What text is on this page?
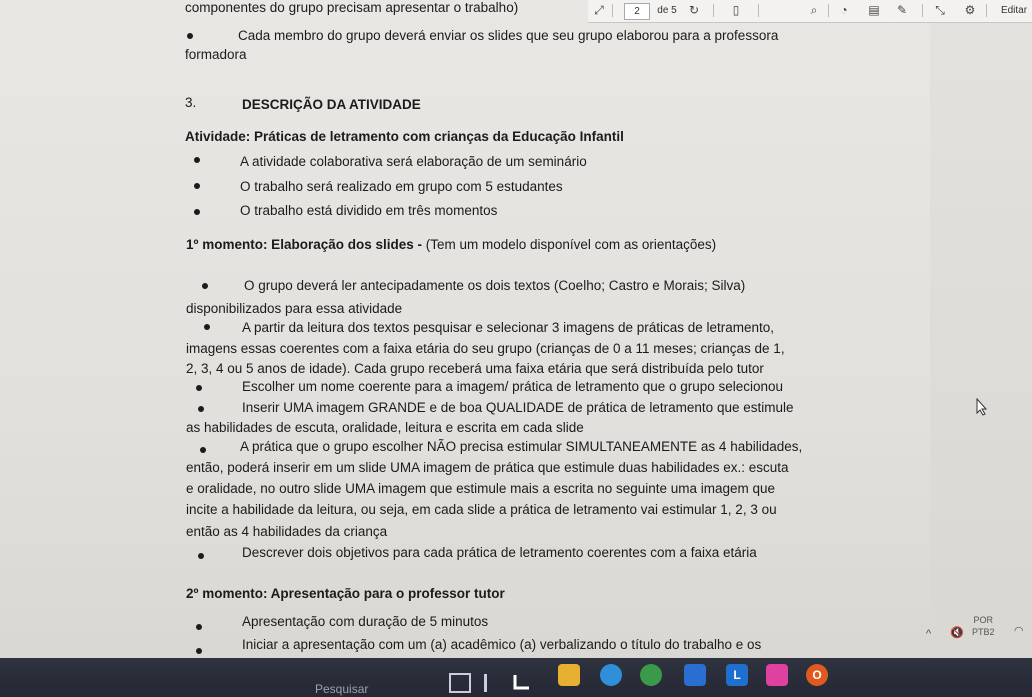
componentes do grupo precisam apresentar o trabalho)
Cada membro do grupo deverá enviar os slides que seu grupo elaborou para a professora
formadora
3.	DESCRIÇÃO DA ATIVIDADE
Atividade: Práticas de letramento com crianças da Educação Infantil
A atividade colaborativa será elaboração de um seminário
O trabalho será realizado em grupo com 5 estudantes
O trabalho está dividido em três momentos
1º momento: Elaboração dos slides - (Tem um modelo disponível com as orientações)
O grupo deverá ler antecipadamente os dois textos (Coelho; Castro e Morais; Silva)
disponibilizados para essa atividade
A partir da leitura dos textos pesquisar e selecionar 3 imagens de práticas de letramento,
imagens essas coerentes com a faixa etária do seu grupo (crianças de 0 a 11 meses; crianças de 1,
2, 3, 4 ou 5 anos de idade). Cada grupo receberá uma faixa etária que será distribuída pelo tutor
Escolher um nome coerente para a imagem/ prática de letramento que o grupo selecionou
Inserir UMA imagem GRANDE e de boa QUALIDADE de prática de letramento que estimule
as habilidades de escuta, oralidade, leitura e escrita em cada slide
A prática que o grupo escolher NÃO precisa estimular SIMULTANEAMENTE as 4 habilidades,
então, poderá inserir em um slide UMA imagem de prática que estimule duas habilidades ex.: escuta
e oralidade, no outro slide UMA imagem que estimule mais a escrita no seguinte uma imagem que
incite a habilidade da leitura, ou seja, em cada slide a prática de letramento vai estimular 1, 2, 3 ou
então as 4 habilidades da criança
Descrever dois objetivos para cada prática de letramento coerentes com a faixa etária
2º momento: Apresentação para o professor tutor
Apresentação com duração de 5 minutos
Iniciar a apresentação com um (a) acadêmico (a) verbalizando o título do trabalho e os
⤢	2	de 5 ↻	▯	⌕	◔	▤ ✎ ⤡ ⚙	Editar
POR
PTB2
^ 🔇	◠
L	O
Pesquisar
